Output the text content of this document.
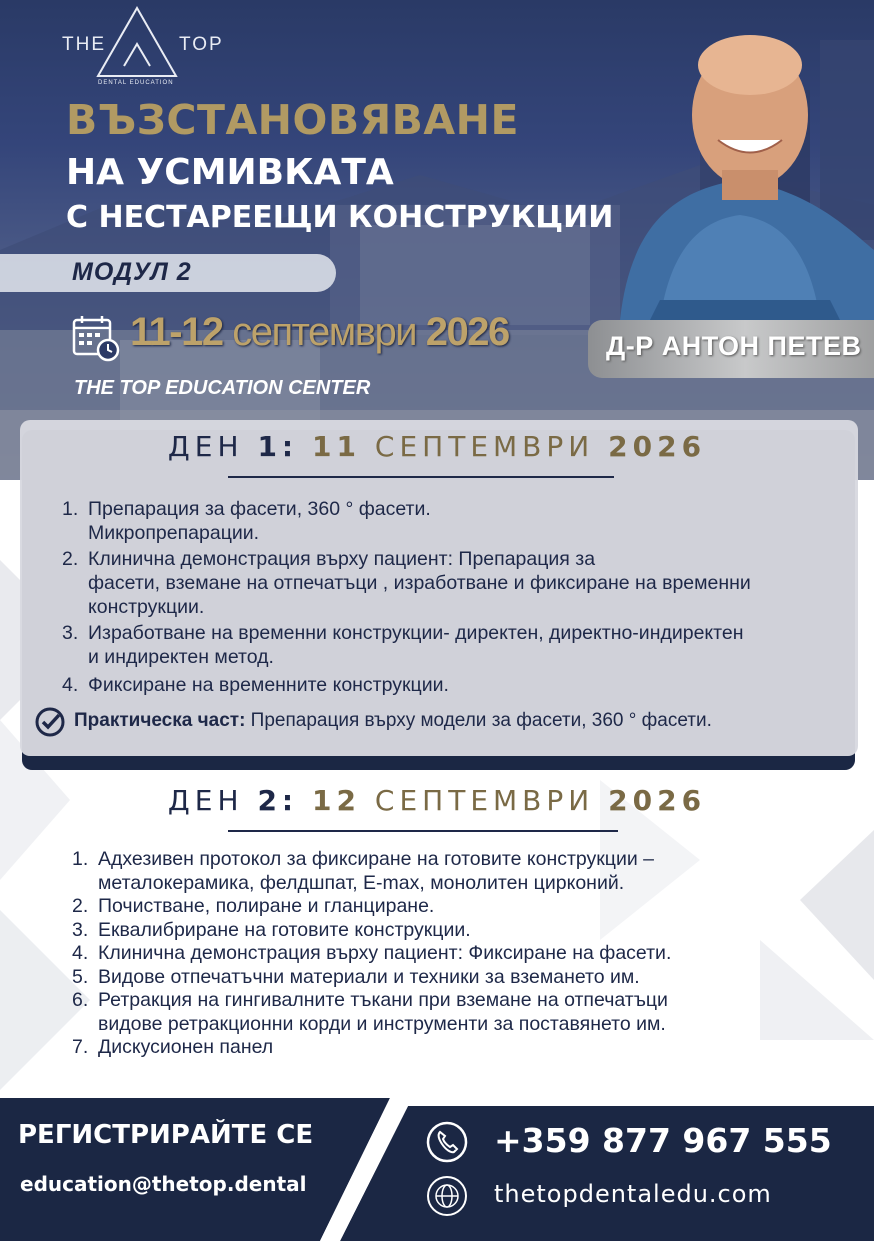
THE	TOP
DENTAL EDUCATION
ВЪЗСТАНОВЯВАНЕ
НА УСМИВКАТА
С НЕСТАРЕЕЩИ КОНСТРУКЦИИ
МОДУЛ 2
11-12 септември 2026
THE TOP EDUCATION CENTER
Д-Р АНТОН ПЕТЕВ
ДЕН 1: 11 СЕПТЕМВРИ 2026
1. Препарация за фасети, 360 ° фасети.
Микропрепарации.
2. Клинична демонстрация върху пациент: Препарация за
фасети, вземане на отпечатъци , изработване и фиксиране на временни
конструкции.
3. Изработване на временни конструкции- директен, директно-индиректен
и индиректен метод.
4. Фиксиране на временните конструкции.
Практическа част: Препарация върху модели за фасети, 360 ° фасети.
ДЕН 2: 12 СЕПТЕМВРИ 2026
1. Адхезивен протокол за фиксиране на готовите конструкции –
металокерамика, фелдшпат, E-max, монолитен цирконий.
2. Почистване, полиране и гланциране.
3. Еквалибриране на готовите конструкции.
4. Клинична демонстрация върху пациент: Фиксиране на фасети.
5. Видове отпечатъчни материали и техники за вземането им.
6. Ретракция на гингивалните тъкани при вземане на отпечатъци
видове ретракционни корди и инструменти за поставянето им.
7. Дискусионен панел
РЕГИСТРИРАЙТЕ СЕ
education@thetop.dental
+359 877 967 555
thetopdentaledu.com
